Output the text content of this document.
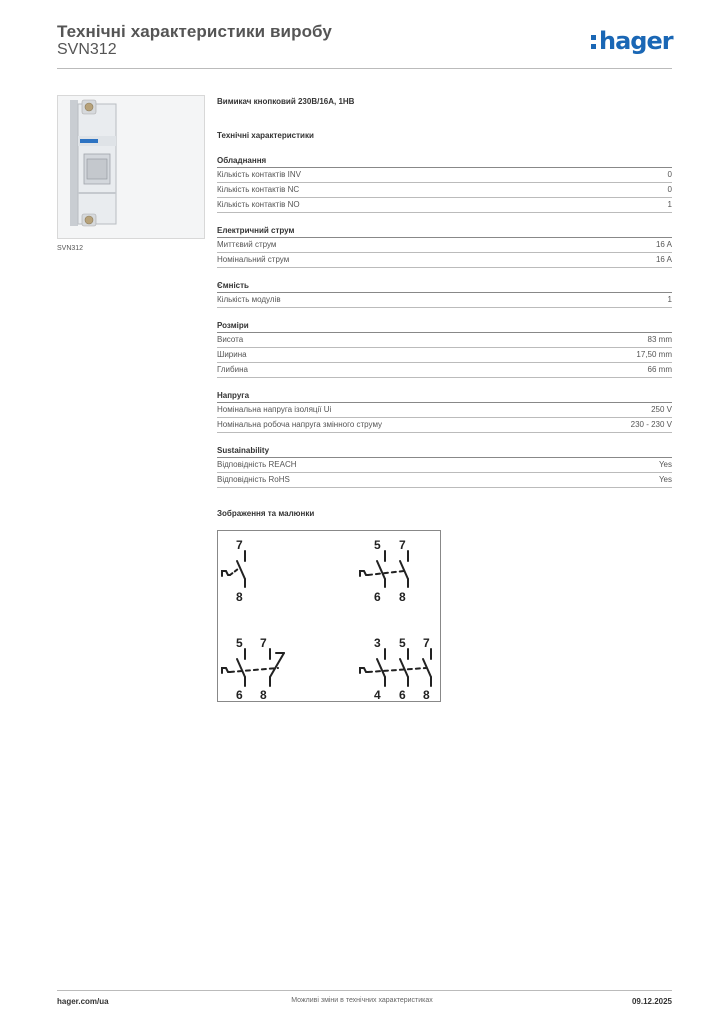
Технічні характеристики виробу
SVN312	hager
SVN312
Вимикач кнопковий 230В/16А, 1НВ
Технічні характеристики
Обладнання
Кількість контактів INV	0
Кількість контактів NC	0
Кількість контактів NO	1
Електричний струм
Миттєвий струм	16 A
Номінальний струм	16 A
Ємність
Кількість модулів	1
Розміри
Висота	83 mm
Ширина	17,50 mm
Глибина	66 mm
Напруга
Номінальна напруга ізоляції Ui	250 V
Номінальна робоча напруга змінного струму	230 - 230 V
Sustainability
Відповідність REACH	Yes
Відповідність RoHS	Yes
Зображення та малюнки
7
8
5 7
6 8
5 7
6 8
3 5 7
4 6 8
hager.com/ua	Можливі зміни в технічних характеристиках	09.12.2025
